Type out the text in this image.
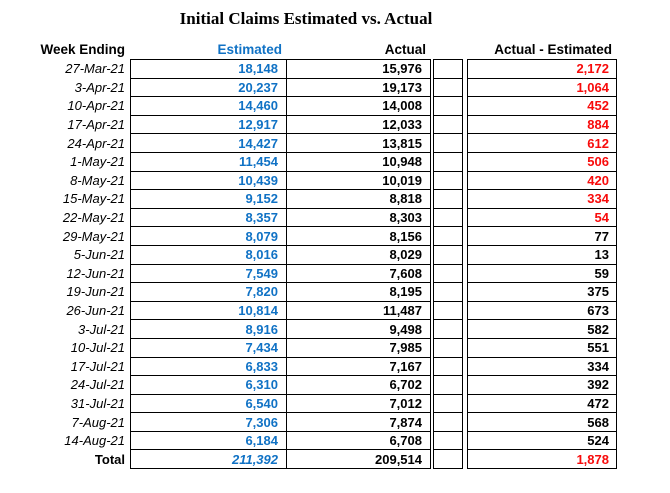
Initial Claims Estimated vs. Actual
Week Ending	Estimated	Actual	Actual - Estimated
27-Mar-21	18,148	15,976	2,172
3-Apr-21	20,237	19,173	1,064
10-Apr-21	14,460	14,008	452
17-Apr-21	12,917	12,033	884
24-Apr-21	14,427	13,815	612
1-May-21	11,454	10,948	506
8-May-21	10,439	10,019	420
15-May-21	9,152	8,818	334
22-May-21	8,357	8,303	54
29-May-21	8,079	8,156	77
5-Jun-21	8,016	8,029	13
12-Jun-21	7,549	7,608	59
19-Jun-21	7,820	8,195	375
26-Jun-21	10,814	11,487	673
3-Jul-21	8,916	9,498	582
10-Jul-21	7,434	7,985	551
17-Jul-21	6,833	7,167	334
24-Jul-21	6,310	6,702	392
31-Jul-21	6,540	7,012	472
7-Aug-21	7,306	7,874	568
14-Aug-21	6,184	6,708	524
Total	211,392	209,514	1,878
